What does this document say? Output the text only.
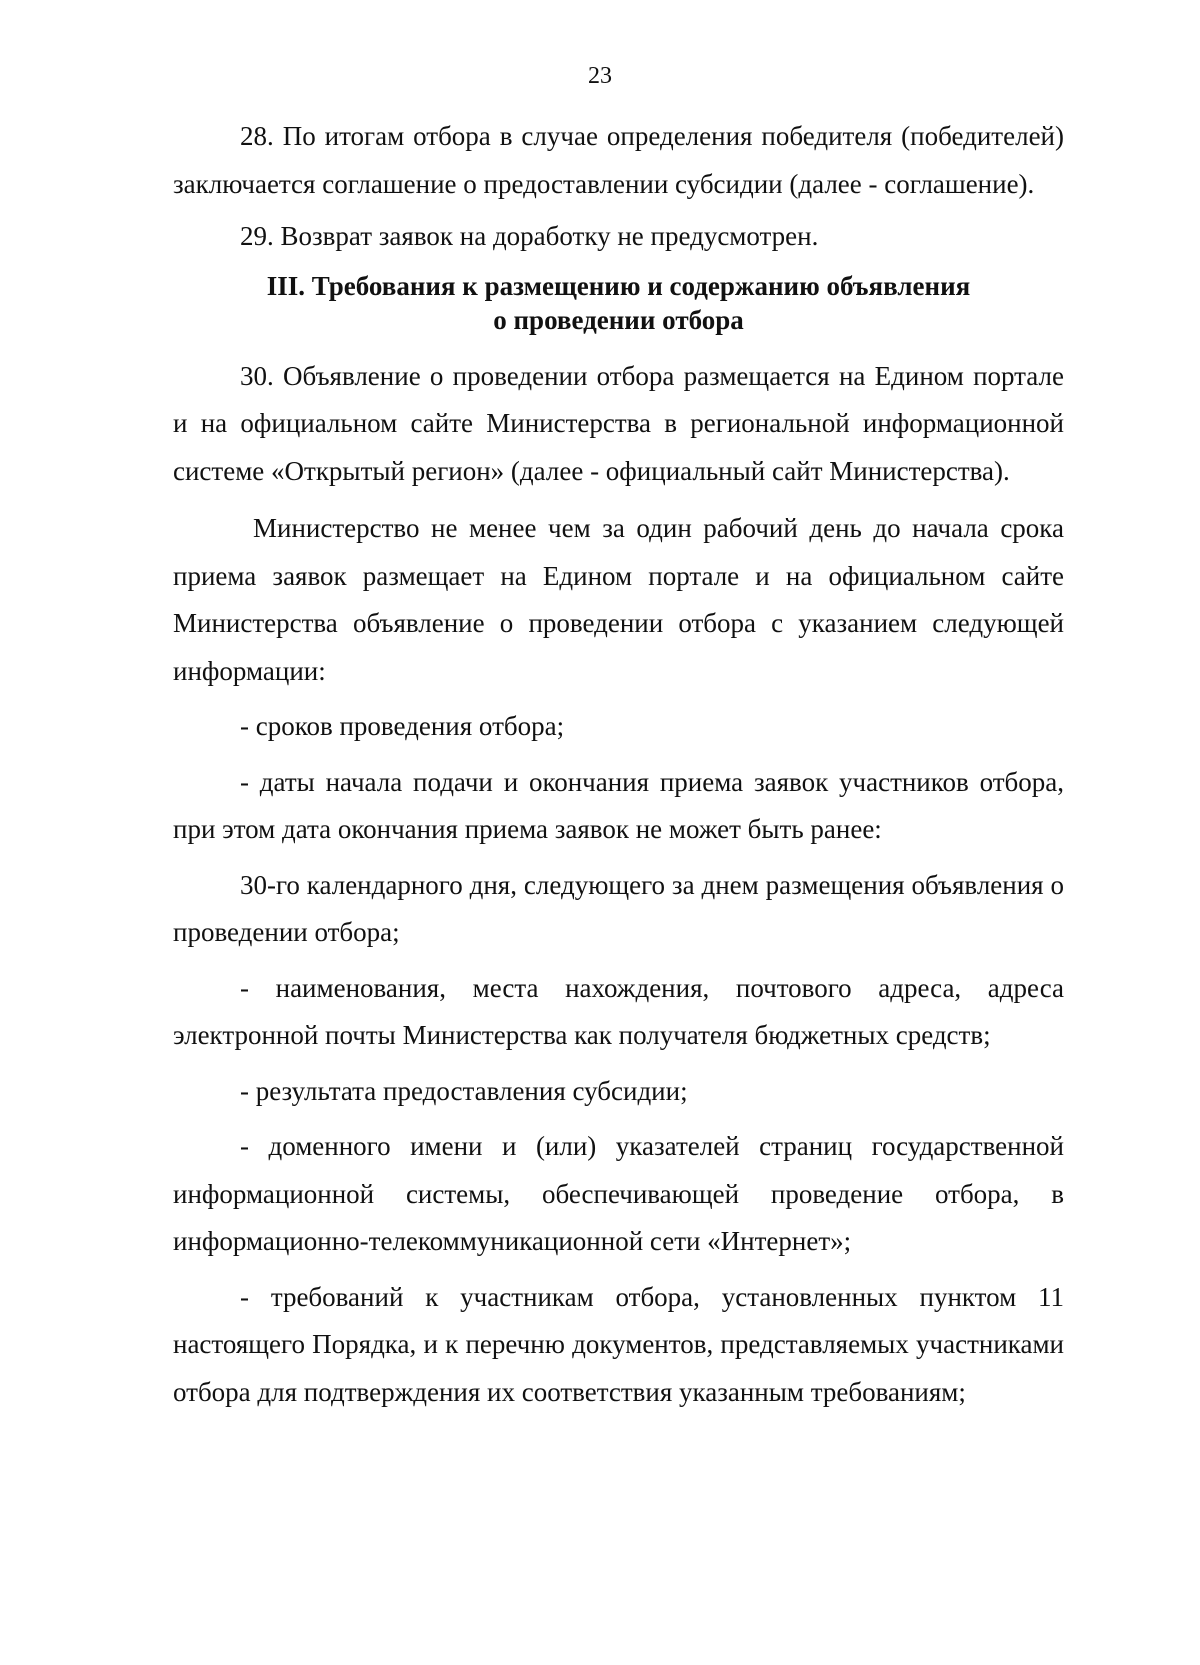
23

28. По итогам отбора в случае определения победителя (победителей) заключается соглашение о предоставлении субсидии (далее - соглашение).

29. Возврат заявок на доработку не предусмотрен.

III. Требования к размещению и содержанию объявления
о проведении отбора

30. Объявление о проведении отбора размещается на Едином портале и на официальном сайте Министерства в региональной информационной системе «Открытый регион» (далее - официальный сайт Министерства).

Министерство не менее чем за один рабочий день до начала срока приема заявок размещает на Едином портале и на официальном сайте Министерства объявление о проведении отбора с указанием следующей информации:

- сроков проведения отбора;

- даты начала подачи и окончания приема заявок участников отбора, при этом дата окончания приема заявок не может быть ранее:

30-го календарного дня, следующего за днем размещения объявления о проведении отбора;

- наименования, места нахождения, почтового адреса, адреса электронной почты Министерства как получателя бюджетных средств;

- результата предоставления субсидии;

- доменного имени и (или) указателей страниц государственной информационной системы, обеспечивающей проведение отбора, в информационно-телекоммуникационной сети «Интернет»;

- требований к участникам отбора, установленных пунктом 11 настоящего Порядка, и к перечню документов, представляемых участниками отбора для подтверждения их соответствия указанным требованиям;
